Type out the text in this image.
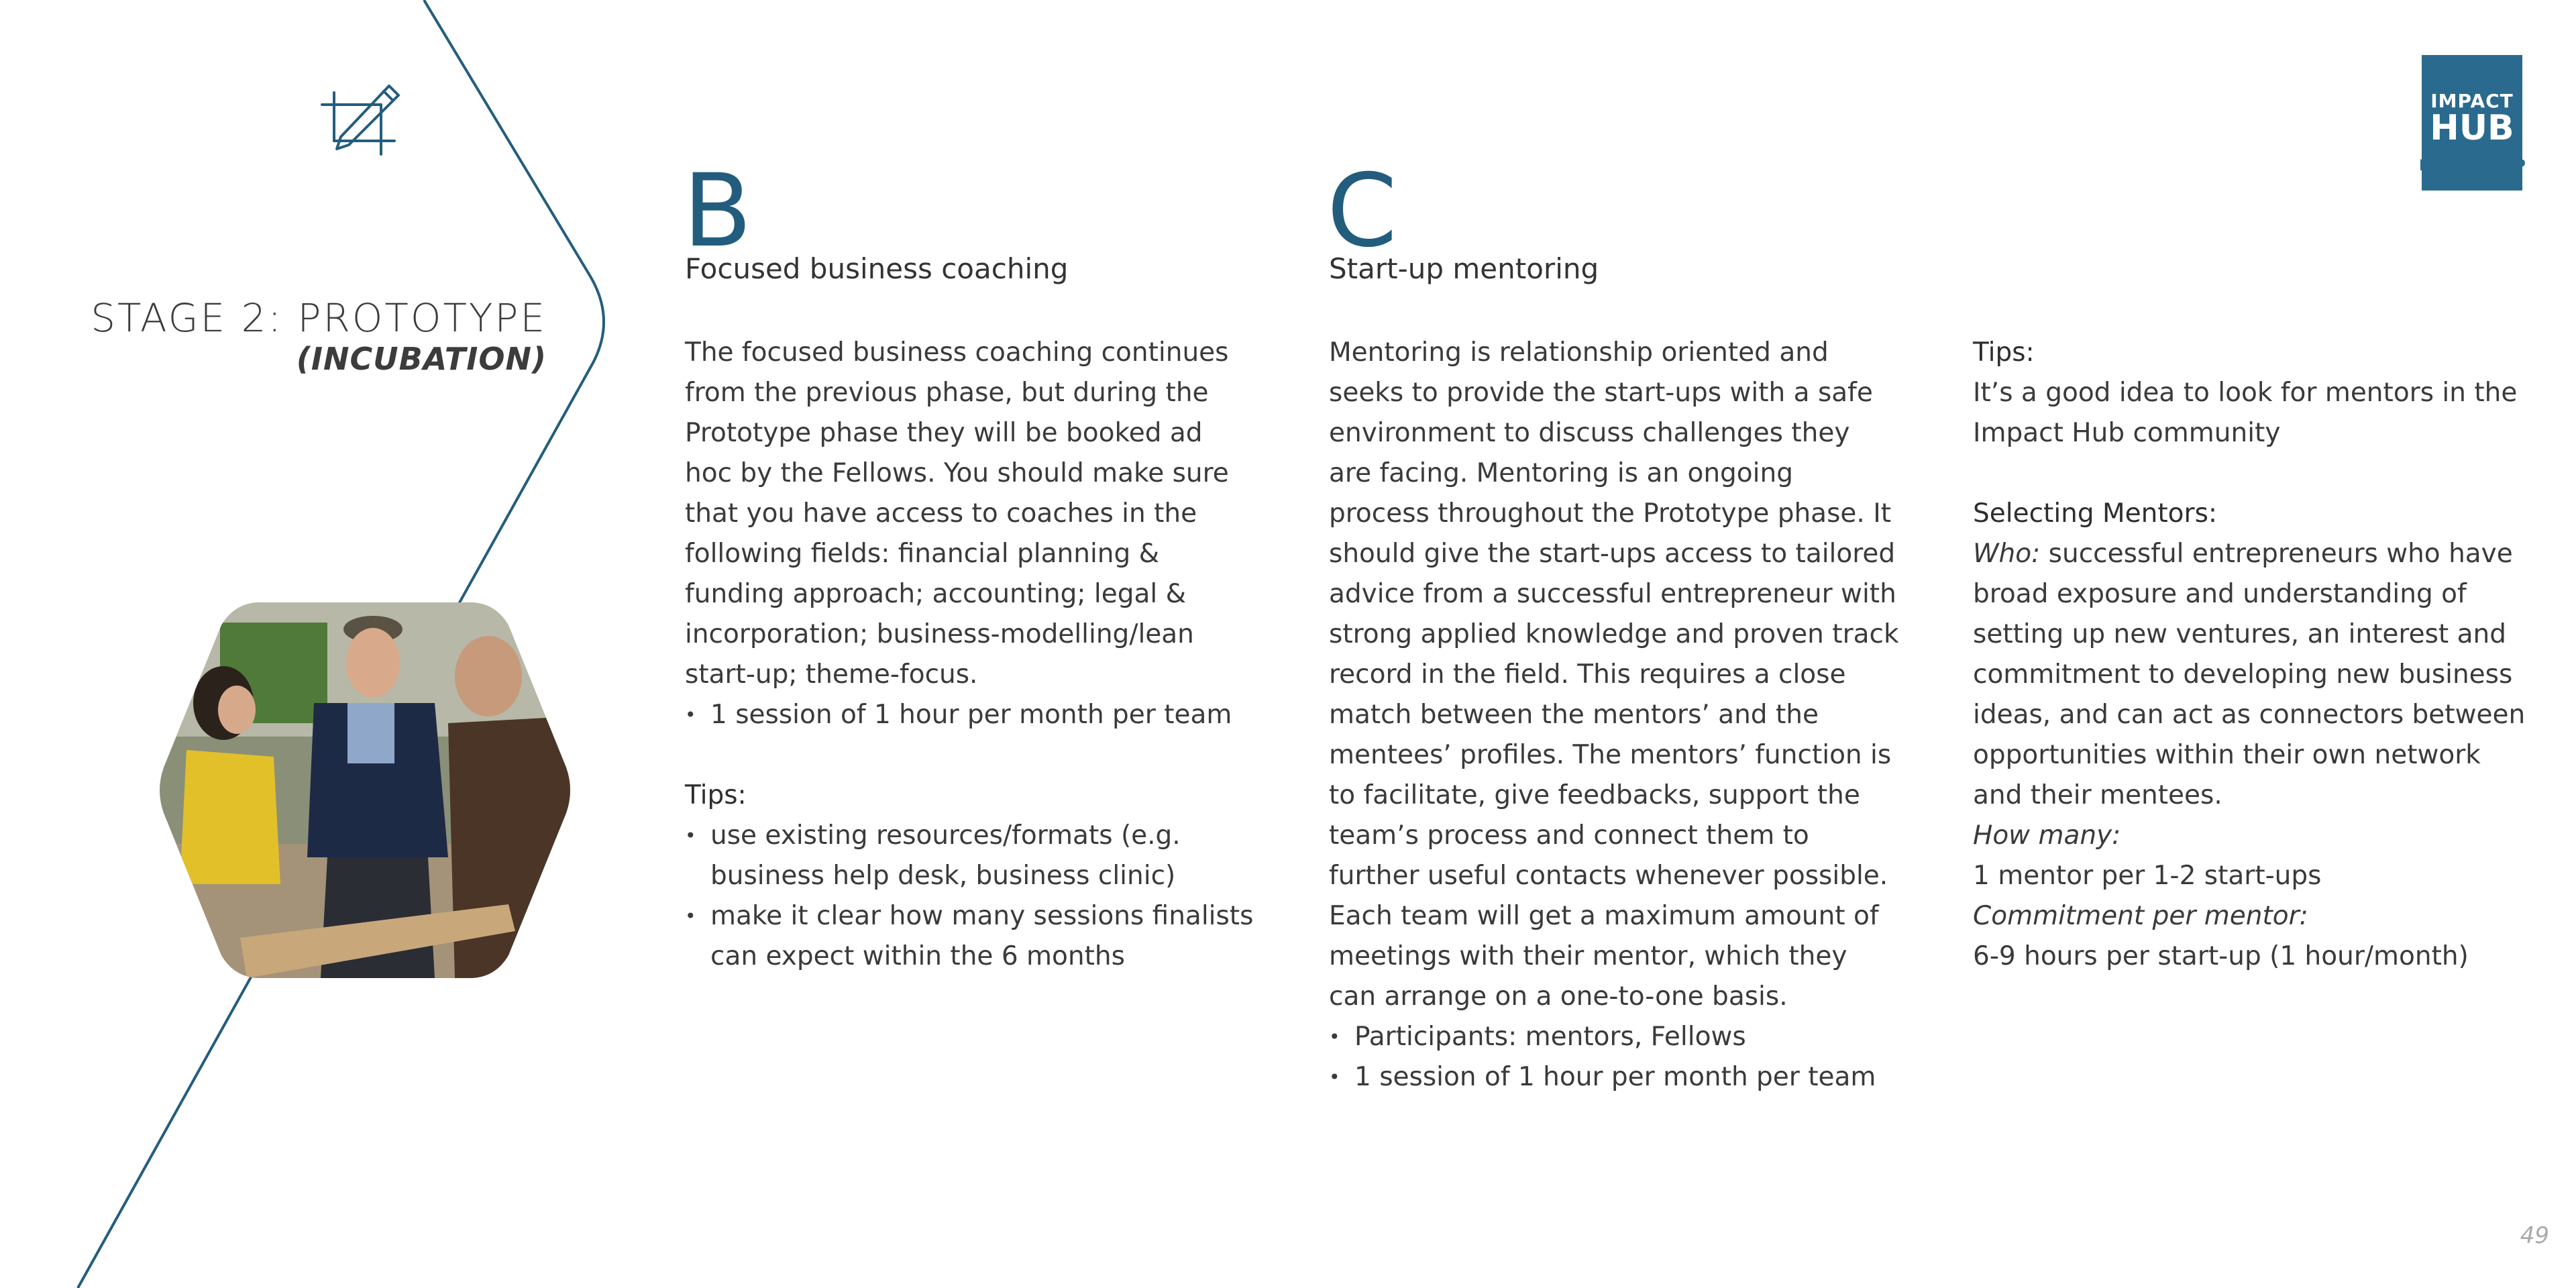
STAGE 2: PROTOTYPE
(INCUBATION)
B
Focused business coaching

The focused business coaching continues from the previous phase, but during the Prototype phase they will be booked ad hoc by the Fellows. You should make sure that you have access to coaches in the following fields: financial planning & funding approach; accounting; legal & incorporation; business-modelling/lean start-up; theme-focus.

• 1 session of 1 hour per month per team

Tips:

• use existing resources/formats (e.g. business help desk, business clinic)
• make it clear how many sessions finalists can expect within the 6 months
C
Start-up mentoring

Mentoring is relationship oriented and seeks to provide the start-ups with a safe environment to discuss challenges they are facing. Mentoring is an ongoing process throughout the Prototype phase. It should give the start-ups access to tailored advice from a successful entrepreneur with strong applied knowledge and proven track record in the field. This requires a close match between the mentors’ and the mentees’ profiles. The mentors’ function is to facilitate, give feedbacks, support the team’s process and connect them to further useful contacts whenever possible. Each team will get a maximum amount of meetings with their mentor, which they can arrange on a one-to-one basis.

• Participants: mentors, Fellows
• 1 session of 1 hour per month per team

Tips:

It’s a good idea to look for mentors in the Impact Hub community

Selecting Mentors:

Who: successful entrepreneurs who have broad exposure and understanding of setting up new ventures, an interest and commitment to developing new business ideas, and can act as connectors between opportunities within their own network and their mentees.

How many:

1 mentor per 1-2 start-ups

Commitment per mentor:

6-9 hours per start-up (1 hour/month)

IMPACT
HUB
FELLOWSHIP
BLUEPRINT
49
